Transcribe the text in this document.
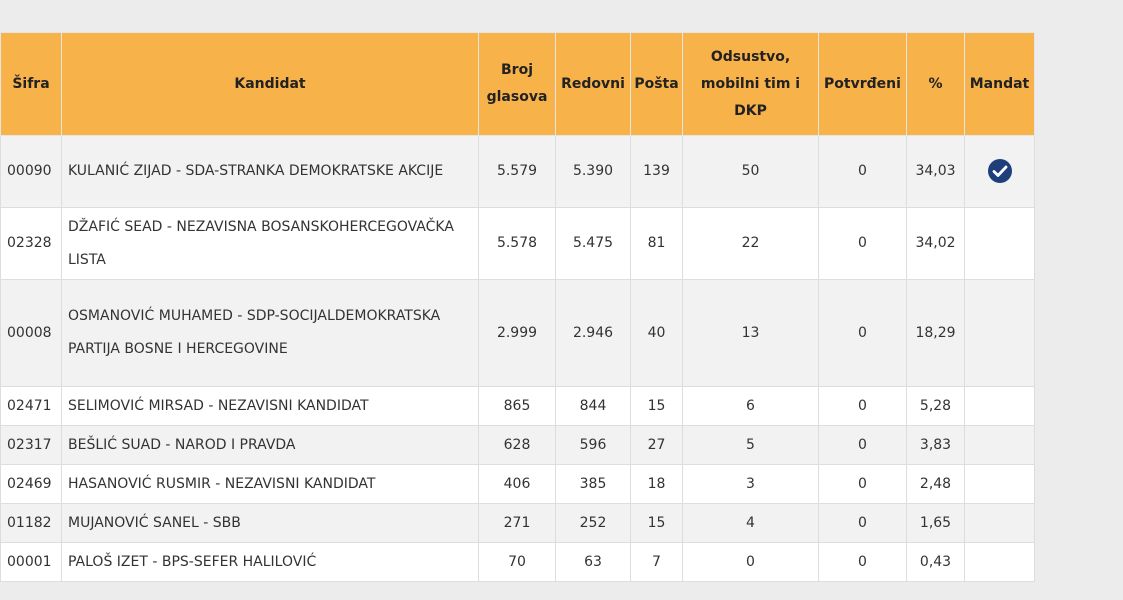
Šifra	Kandidat	Broj glasova	Redovni	Pošta	Odsustvo, mobilni tim i DKP	Potvrđeni	%	Mandat
00090	KULANIĆ ZIJAD - SDA-STRANKA DEMOKRATSKE AKCIJE	5.579	5.390	139	50	0	34,03	
02328	DŽAFIĆ SEAD - NEZAVISNA BOSANSKOHERCEGOVAČKA LISTA	5.578	5.475	81	22	0	34,02	
00008	OSMANOVIĆ MUHAMED - SDP-SOCIJALDEMOKRATSKA PARTIJA BOSNE I HERCEGOVINE	2.999	2.946	40	13	0	18,29	
02471	SELIMOVIĆ MIRSAD - NEZAVISNI KANDIDAT	865	844	15	6	0	5,28	
02317	BEŠLIĆ SUAD - NAROD I PRAVDA	628	596	27	5	0	3,83	
02469	HASANOVIĆ RUSMIR - NEZAVISNI KANDIDAT	406	385	18	3	0	2,48	
01182	MUJANOVIĆ SANEL - SBB	271	252	15	4	0	1,65	
00001	PALOŠ IZET - BPS-SEFER HALILOVIĆ	70	63	7	0	0	0,43	
